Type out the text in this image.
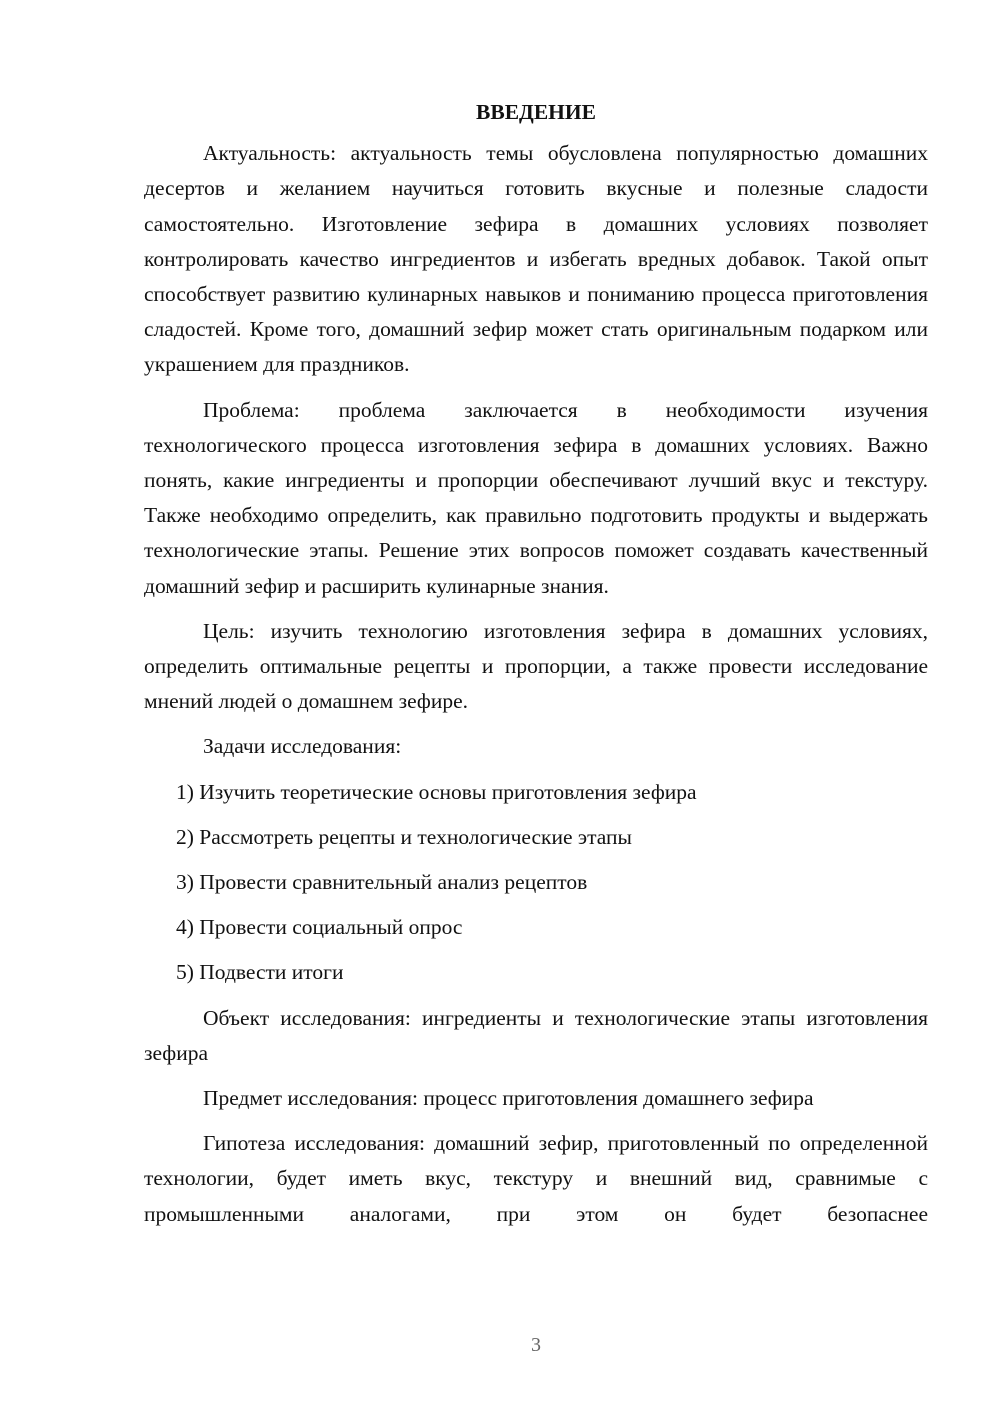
ВВЕДЕНИЕ

Актуальность: актуальность темы обусловлена популярностью домашних десертов и желанием научиться готовить вкусные и полезные сладости самостоятельно. Изготовление зефира в домашних условиях позволяет контролировать качество ингредиентов и избегать вредных добавок. Такой опыт способствует развитию кулинарных навыков и пониманию процесса приготовления сладостей. Кроме того, домашний зефир может стать оригинальным подарком или украшением для праздников.

Проблема: проблема заключается в необходимости изучения технологического процесса изготовления зефира в домашних условиях. Важно понять, какие ингредиенты и пропорции обеспечивают лучший вкус и текстуру. Также необходимо определить, как правильно подготовить продукты и выдержать технологические этапы. Решение этих вопросов поможет создавать качественный домашний зефир и расширить кулинарные знания.

Цель: изучить технологию изготовления зефира в домашних условиях, определить оптимальные рецепты и пропорции, а также провести исследование мнений людей о домашнем зефире.

Задачи исследования:

1) Изучить теоретические основы приготовления зефира

2) Рассмотреть рецепты и технологические этапы

3) Провести сравнительный анализ рецептов

4) Провести социальный опрос

5) Подвести итоги

Объект исследования: ингредиенты и технологические этапы изготовления зефира

Предмет исследования: процесс приготовления домашнего зефира

Гипотеза исследования: домашний зефир, приготовленный по определенной технологии, будет иметь вкус, текстуру и внешний вид, сравнимые с промышленными аналогами, при этом он будет безопаснее

3
